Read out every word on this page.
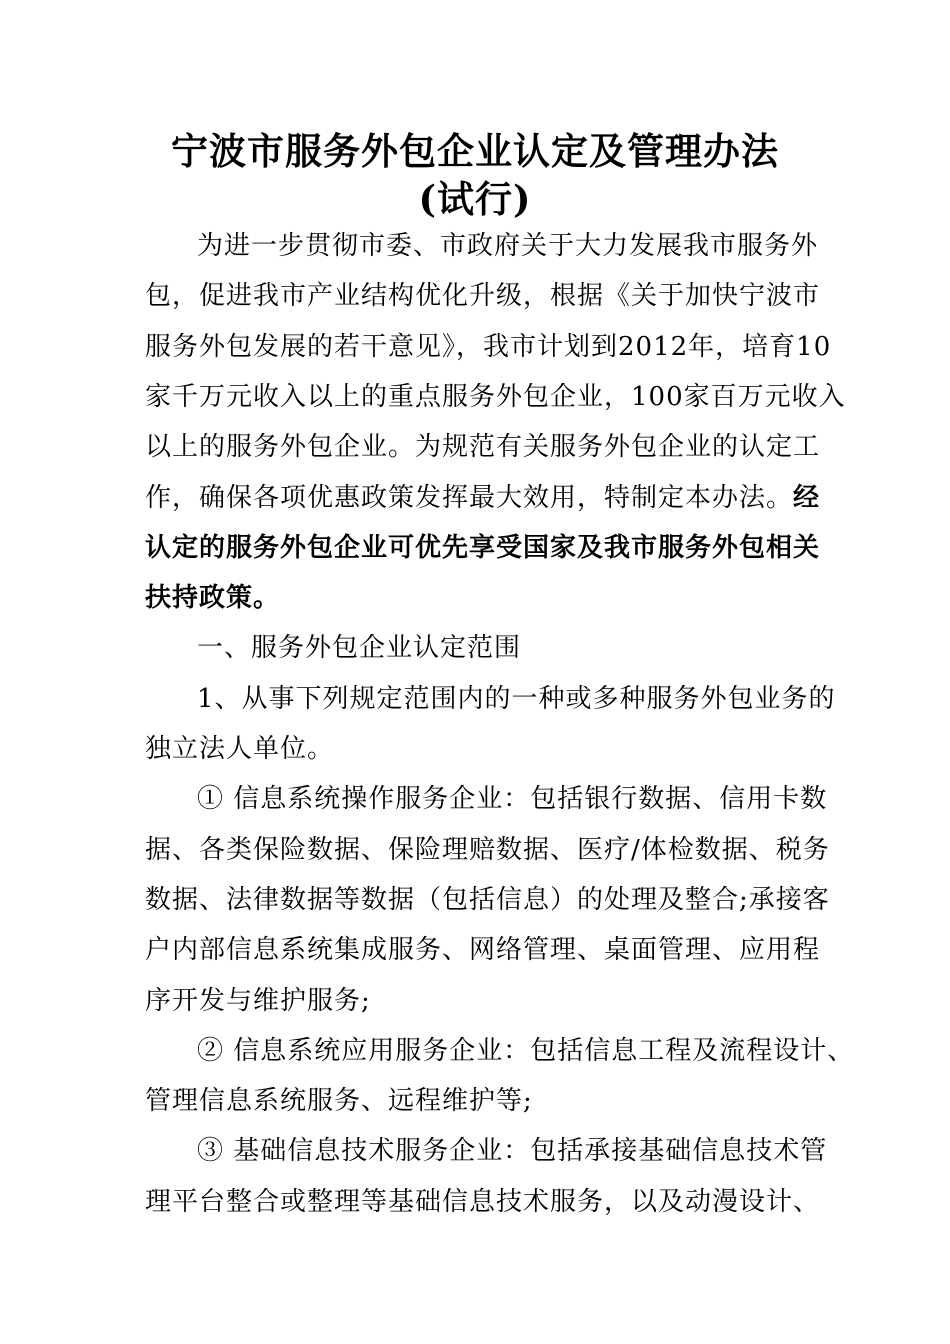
宁波市服务外包企业认定及管理办法
(试行)
为进一步贯彻市委、市政府关于大力发展我市服务外
包，促进我市产业结构优化升级，根据《关于加快宁波市
服务外包发展的若干意见》，我市计划到2012年，培育10
家千万元收入以上的重点服务外包企业，100家百万元收入
以上的服务外包企业。为规范有关服务外包企业的认定工
作，确保各项优惠政策发挥最大效用，特制定本办法。经
认定的服务外包企业可优先享受国家及我市服务外包相关
扶持政策。
一、服务外包企业认定范围
1、从事下列规定范围内的一种或多种服务外包业务的
独立法人单位。
① 信息系统操作服务企业：包括银行数据、信用卡数
据、各类保险数据、保险理赔数据、医疗/体检数据、税务
数据、法律数据等数据（包括信息）的处理及整合;承接客
户内部信息系统集成服务、网络管理、桌面管理、应用程
序开发与维护服务;
② 信息系统应用服务企业：包括信息工程及流程设计、
管理信息系统服务、远程维护等;
③ 基础信息技术服务企业：包括承接基础信息技术管
理平台整合或整理等基础信息技术服务，以及动漫设计、
